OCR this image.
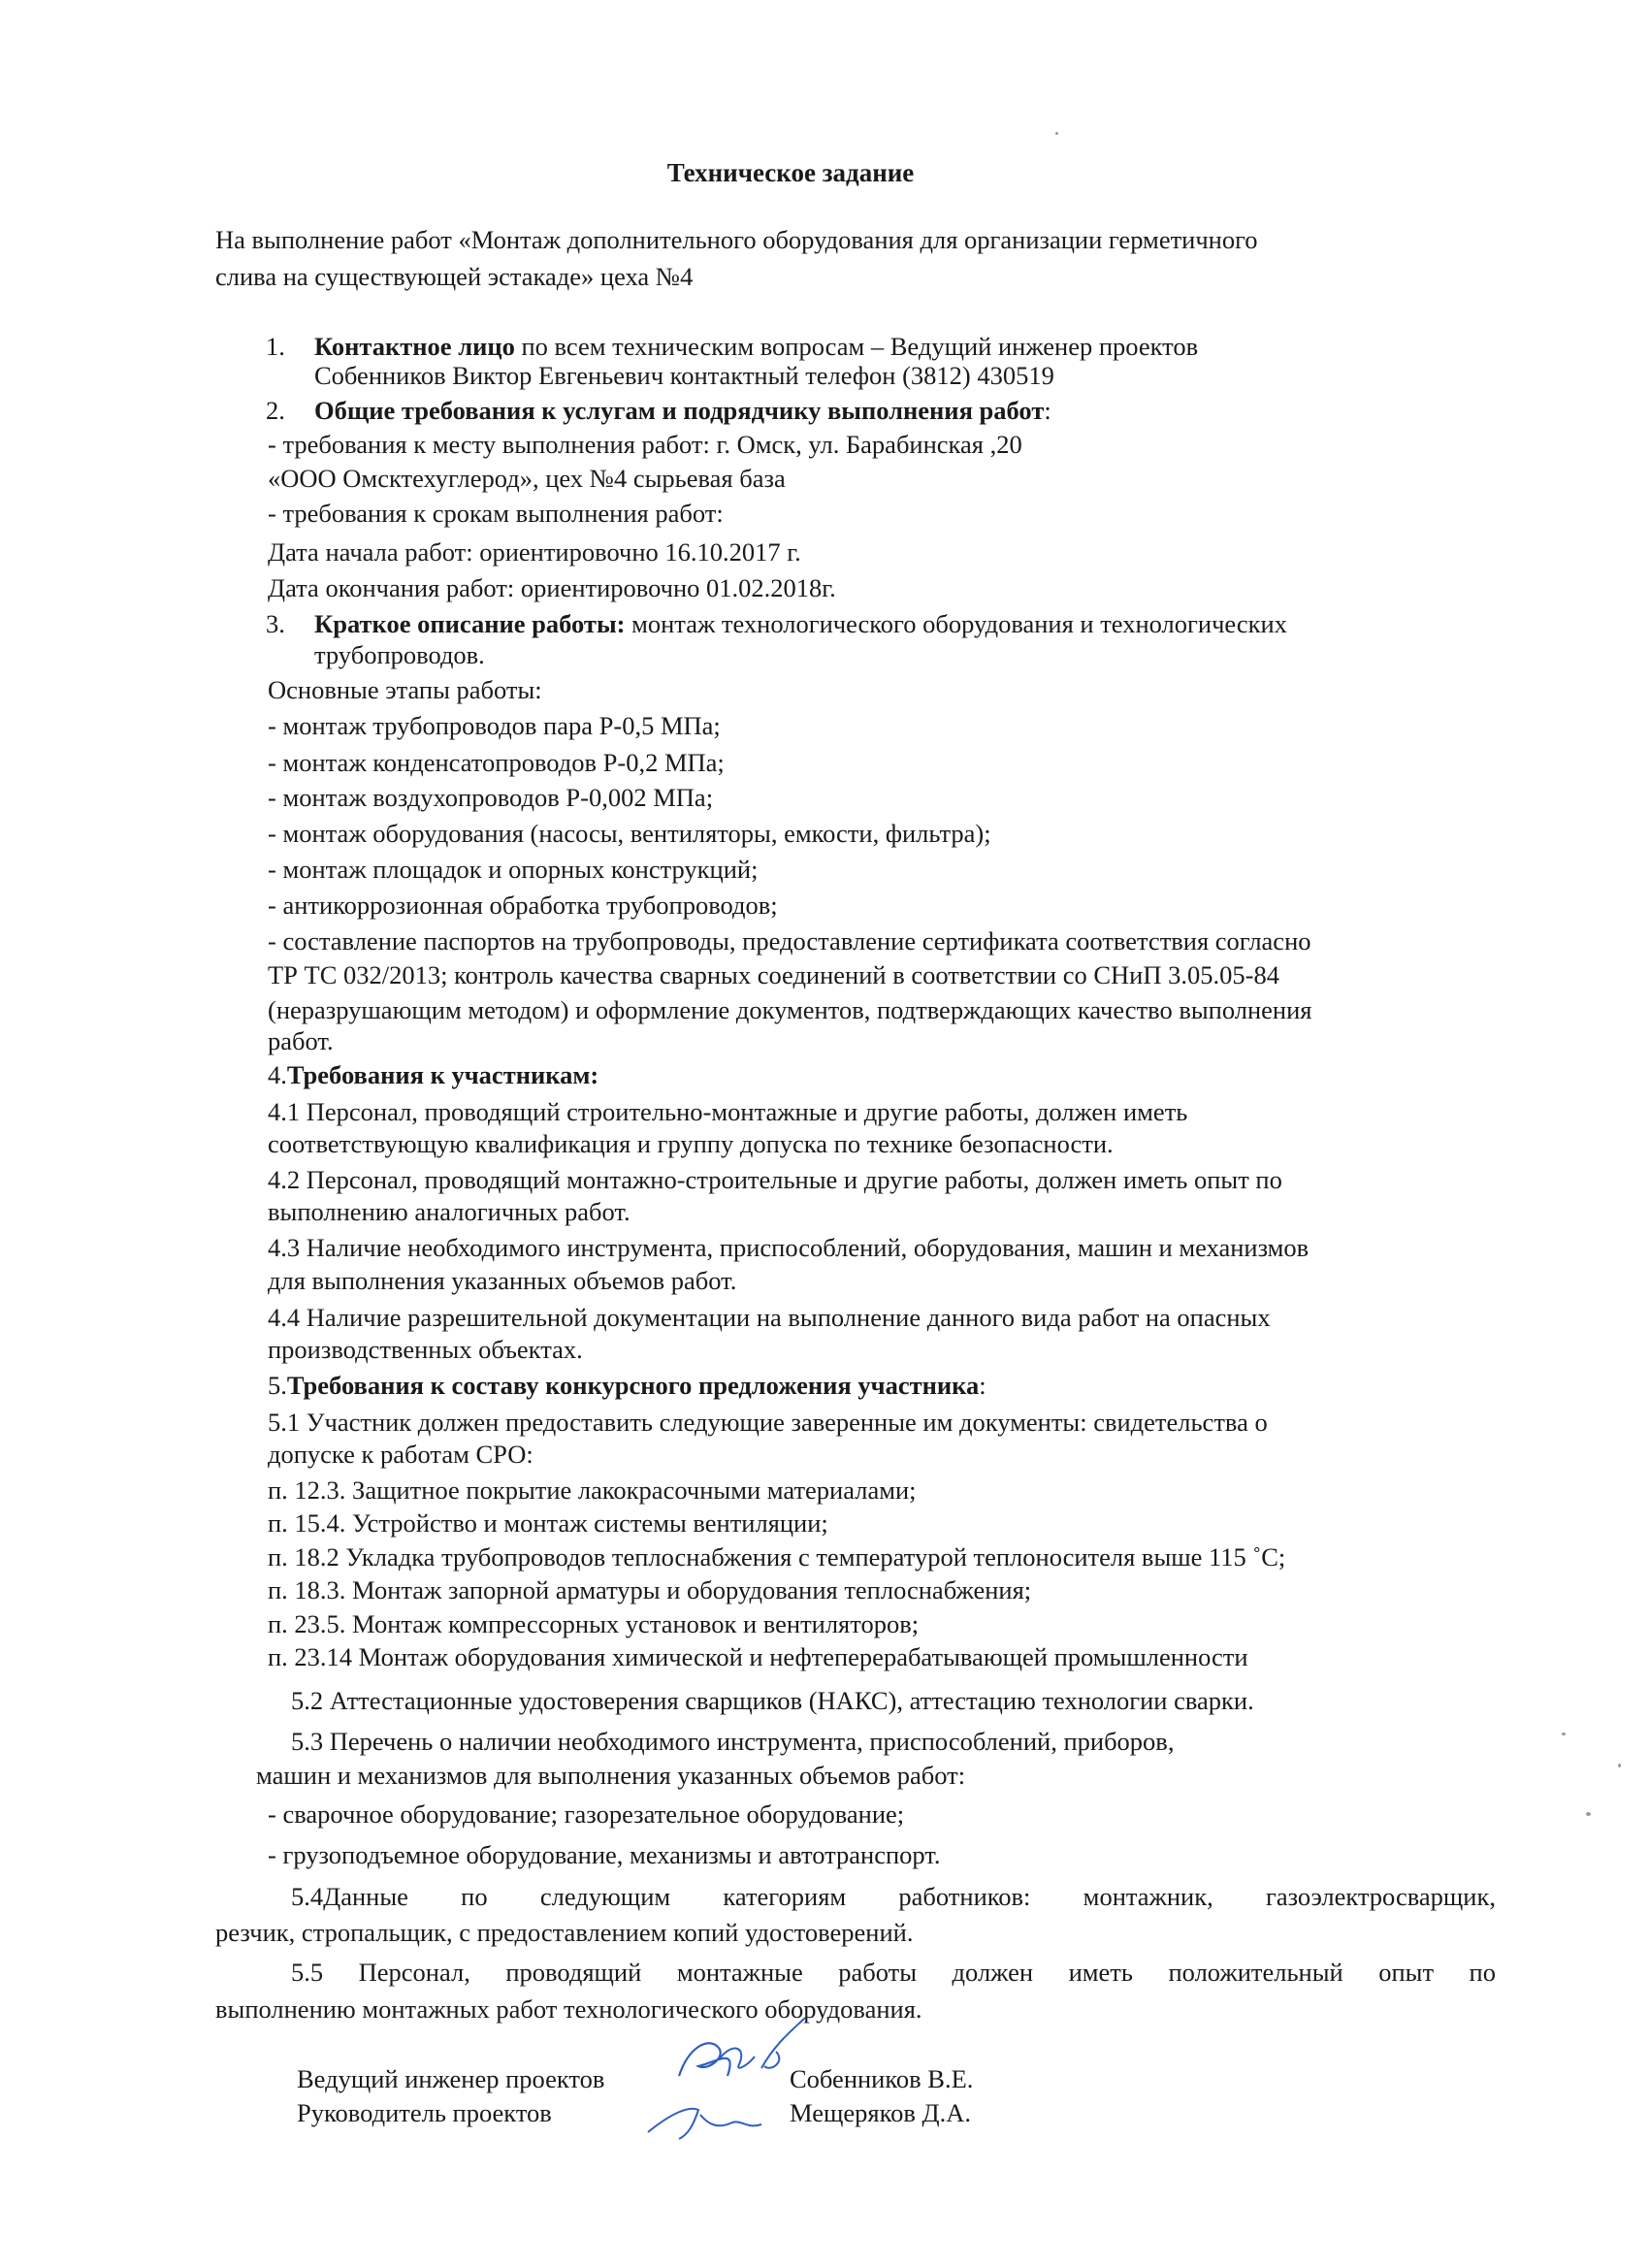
Техническое задание
На выполнение работ «Монтаж дополнительного оборудования для организации герметичного
слива на существующей эстакаде» цеха №4
1. Контактное лицо по всем техническим вопросам – Ведущий инженер проектов
Собенников Виктор Евгеньевич контактный телефон (3812) 430519
2. Общие требования к услугам и подрядчику выполнения работ:
- требования к месту выполнения работ: г. Омск, ул. Барабинская ,20
«ООО Омсктехуглерод», цех №4 сырьевая база
- требования к срокам выполнения работ:
Дата начала работ: ориентировочно 16.10.2017 г.
Дата окончания работ: ориентировочно 01.02.2018г.
3. Краткое описание работы: монтаж технологического оборудования и технологических
трубопроводов.
Основные этапы работы:
- монтаж трубопроводов пара Р-0,5 МПа;
- монтаж конденсатопроводов Р-0,2 МПа;
- монтаж воздухопроводов Р-0,002 МПа;
- монтаж оборудования (насосы, вентиляторы, емкости, фильтра);
- монтаж площадок и опорных конструкций;
- антикоррозионная обработка трубопроводов;
- составление паспортов на трубопроводы, предоставление сертификата соответствия согласно
ТР ТС 032/2013; контроль качества сварных соединений в соответствии со СНиП 3.05.05-84
(неразрушающим методом) и оформление документов, подтверждающих качество выполнения
работ.
4.Требования к участникам:
4.1 Персонал, проводящий строительно-монтажные и другие работы, должен иметь
соответствующую квалификация и группу допуска по технике безопасности.
4.2 Персонал, проводящий монтажно-строительные и другие работы, должен иметь опыт по
выполнению аналогичных работ.
4.3 Наличие необходимого инструмента, приспособлений, оборудования, машин и механизмов
для выполнения указанных объемов работ.
4.4 Наличие разрешительной документации на выполнение данного вида работ на опасных
производственных объектах.
5.Требования к составу конкурсного предложения участника:
5.1 Участник должен предоставить следующие заверенные им документы: свидетельства о
допуске к работам СРО:
п. 12.3. Защитное покрытие лакокрасочными материалами;
п. 15.4. Устройство и монтаж системы вентиляции;
п. 18.2 Укладка трубопроводов теплоснабжения с температурой теплоносителя выше 115 ˚С;
п. 18.3. Монтаж запорной арматуры и оборудования теплоснабжения;
п. 23.5. Монтаж компрессорных установок и вентиляторов;
п. 23.14 Монтаж оборудования химической и нефтеперерабатывающей промышленности
5.2 Аттестационные удостоверения сварщиков (НАКС), аттестацию технологии сварки.
5.3 Перечень о наличии необходимого инструмента, приспособлений, приборов,
машин и механизмов для выполнения указанных объемов работ:
- сварочное оборудование; газорезательное оборудование;
- грузоподъемное оборудование, механизмы и автотранспорт.
5.4Данные по следующим категориям работников: монтажник, газоэлектросварщик,
резчик, стропальщик, с предоставлением копий удостоверений.
5.5 Персонал, проводящий монтажные работы должен иметь положительный опыт по
выполнению монтажных работ технологического оборудования.
Ведущий инженер проектов	Собенников В.Е.
Руководитель проектов	Мещеряков Д.А.
